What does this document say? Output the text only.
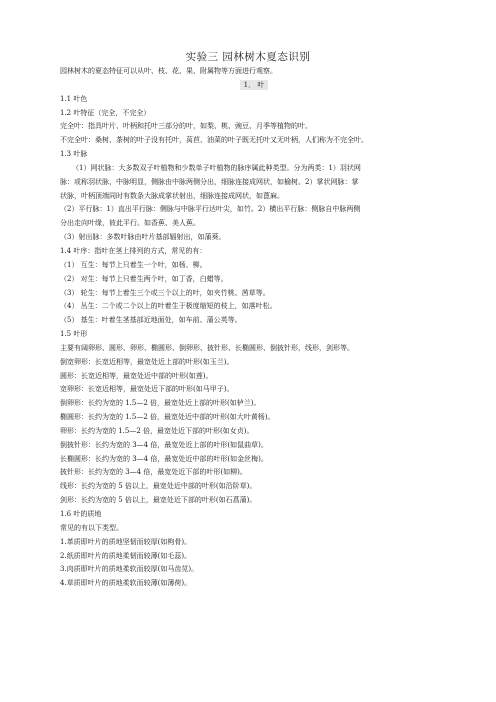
实验三 园林树木夏态识别
园林树木的夏态特征可以从叶、枝、花、果、附属物等方面进行观察。
1． 叶
1.1 叶色
1.2 叶特征（完全，不完全）
完全叶：指具叶片、叶柄和托叶三部分的叶，如梨、桃、豌豆、月季等植物的叶。
不完全叶：桑树、茶树的叶子没有托叶，莴苣、油菜的叶子既无托叶又无叶柄，人们称为不完全叶。
1.3 叶脉
（1）网状脉：大多数双子叶植物和少数单子叶植物的脉序属此种类型。分为两类：1）羽状网
脉：或称羽状脉，中脉明显，侧脉由中脉两侧分出，细脉连接成网状，如榆树。2）掌状网脉：掌
状脉，叶柄顶端同时有数条大脉成掌状射出，细脉连接成网状，如蓖麻。
（2）平行脉：1）直出平行脉：侧脉与中脉平行达叶尖，如竹。2）横出平行脉：侧脉自中脉两侧
分出走向叶缘，彼此平行。如香蕉、美人蕉。
（3）射出脉：多数叶脉由叶片基部辐射出，如蒲葵。
1.4 叶序：指叶在茎上排列的方式，常见的有：
（1） 互生：每节上只着生一个叶，如杨、柳。
（2） 对生：每节上只着生两个叶，如丁香，白蜡等。
（3） 轮生：每节上着生三个或三个以上的叶，如夹竹桃、茜草等。
（4） 丛生：二个或二个以上的叶着生于极度缩短的枝上，如落叶松。
（5） 基生：叶着生茎基部近地面处，如车前、蒲公英等。
1.5 叶形
主要有阔卵形、圆形、卵形、椭圆形、倒卵形、披针形、长椭圆形、倒披针形，线形，剑形等。
倒宽卵形：长宽近相等，最宽处近上部的叶形(如玉兰)。
圆形：长宽近相等，最宽处近中部的叶形(如莲)。
宽卵形：长宽近相等，最宽处近下部的叶形(如马甲子)。
倒卵形：长约为宽的 1.5—2 倍，最宽处近上部的叶形(如栌兰)。
椭圆形：长约为宽的 1.5—2 倍，最宽处近中部的叶形(如大叶黄杨)。
卵形：长约为宽的 1.5—2 倍，最宽处近下部的叶形(如女贞)。
倒披针形：长约为宽的 3—4 倍，最宽处近上部的叶形(如鼠曲草)。
长椭圆形：长约为宽的 3—4 倍，最宽处近中部的叶形(如金丝梅)。
披针形：长约为宽的 3—4 倍，最宽处近下部的叶形(如柳)。
线形：长约为宽的 5 倍以上，最宽处近中部的叶形(如沿阶草)。
剑形：长约为宽的 5 倍以上，最宽处近下部的叶形(如石菖蒲)。
1.6 叶的质地
常见的有以下类型。
1.革质即叶片的质地坚韧而较厚(如枸骨)。
2.纸质即叶片的质地柔韧而较薄(如毛蕊)。
3.肉质即叶片的质地柔软而较厚(如马齿苋)。
4.草质即叶片的质地柔软而较薄(如薄荷)。
